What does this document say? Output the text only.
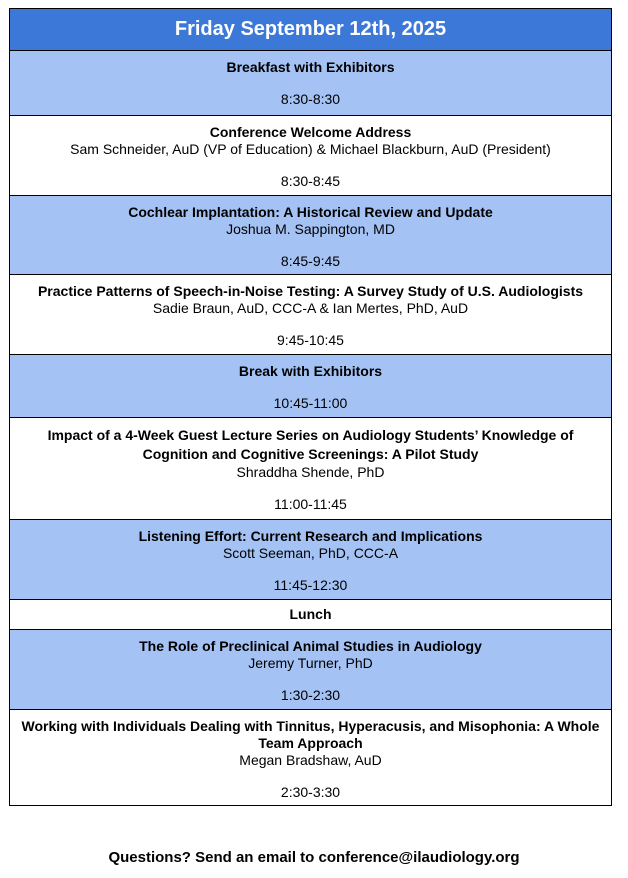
Friday September 12th, 2025
Breakfast with Exhibitors
8:30-8:30
Conference Welcome Address
Sam Schneider, AuD (VP of Education) & Michael Blackburn, AuD (President)
8:30-8:45
Cochlear Implantation: A Historical Review and Update
Joshua M. Sappington, MD
8:45-9:45
Practice Patterns of Speech-in-Noise Testing: A Survey Study of U.S. Audiologists
Sadie Braun, AuD, CCC-A & Ian Mertes, PhD, AuD
9:45-10:45
Break with Exhibitors
10:45-11:00
Impact of a 4-Week Guest Lecture Series on Audiology Students’ Knowledge of Cognition and Cognitive Screenings: A Pilot Study
Shraddha Shende, PhD
11:00-11:45
Listening Effort: Current Research and Implications
Scott Seeman, PhD, CCC-A
11:45-12:30
Lunch
The Role of Preclinical Animal Studies in Audiology
Jeremy Turner, PhD
1:30-2:30
Working with Individuals Dealing with Tinnitus, Hyperacusis, and Misophonia: A Whole Team Approach
Megan Bradshaw, AuD
2:30-3:30
Questions? Send an email to conference@ilaudiology.org
